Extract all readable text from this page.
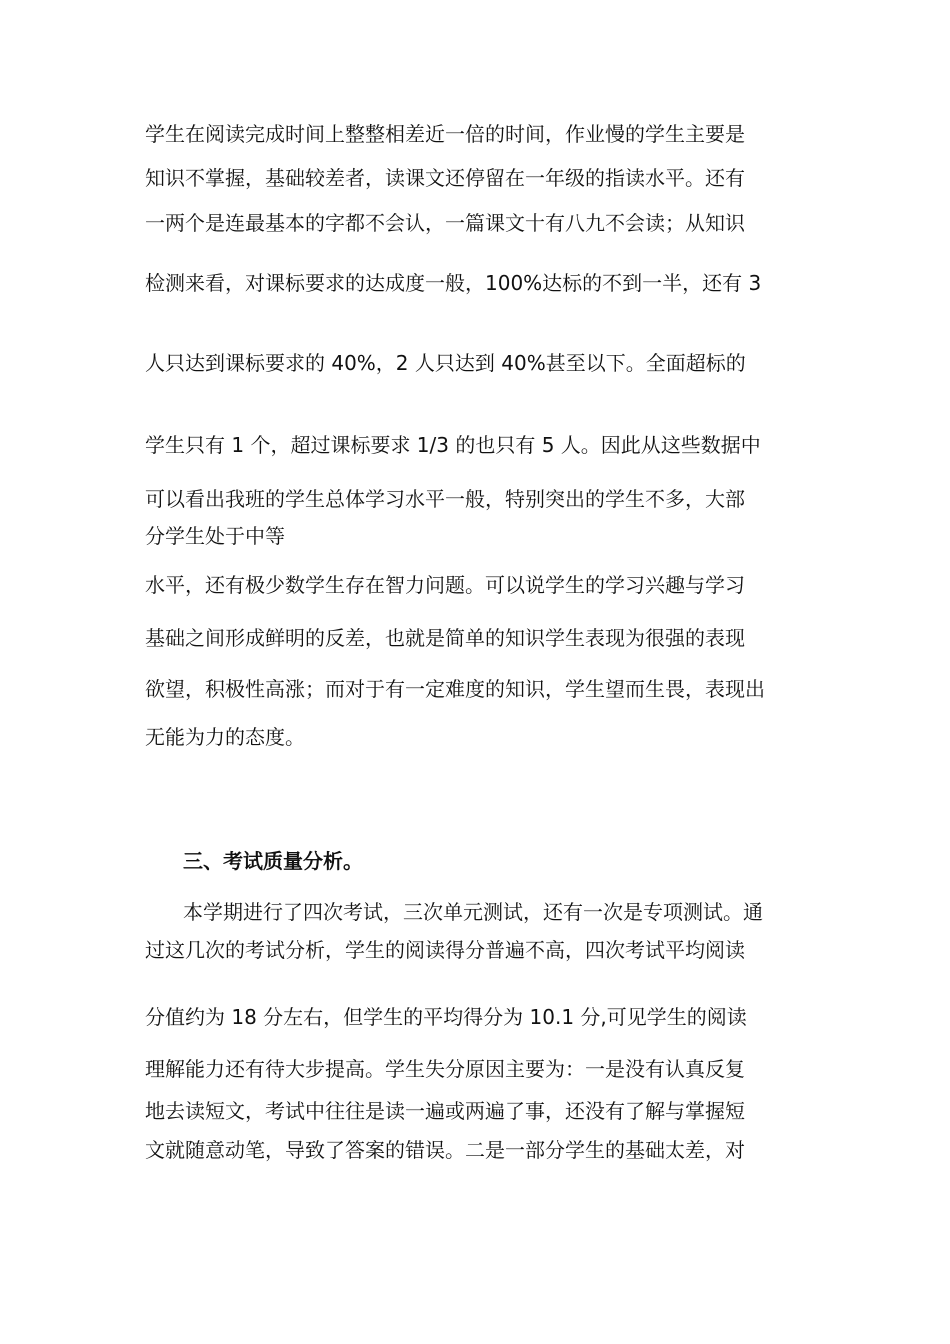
学生在阅读完成时间上整整相差近一倍的时间，作业慢的学生主要是
知识不掌握，基础较差者，读课文还停留在一年级的指读水平。还有
一两个是连最基本的字都不会认，一篇课文十有八九不会读；从知识
检测来看，对课标要求的达成度一般，100%达标的不到一半，还有 3
人只达到课标要求的 40%，2 人只达到 40%甚至以下。全面超标的
学生只有 1 个，超过课标要求 1/3 的也只有 5 人。因此从这些数据中
可以看出我班的学生总体学习水平一般，特别突出的学生不多，大部
分学生处于中等
水平，还有极少数学生存在智力问题。可以说学生的学习兴趣与学习
基础之间形成鲜明的反差，也就是简单的知识学生表现为很强的表现
欲望，积极性高涨；而对于有一定难度的知识，学生望而生畏，表现出
无能为力的态度。
三、考试质量分析。
本学期进行了四次考试，三次单元测试，还有一次是专项测试。通
过这几次的考试分析，学生的阅读得分普遍不高，四次考试平均阅读
分值约为 18 分左右，但学生的平均得分为 10.1 分,可见学生的阅读
理解能力还有待大步提高。学生失分原因主要为：一是没有认真反复
地去读短文，考试中往往是读一遍或两遍了事，还没有了解与掌握短
文就随意动笔，导致了答案的错误。二是一部分学生的基础太差，对
